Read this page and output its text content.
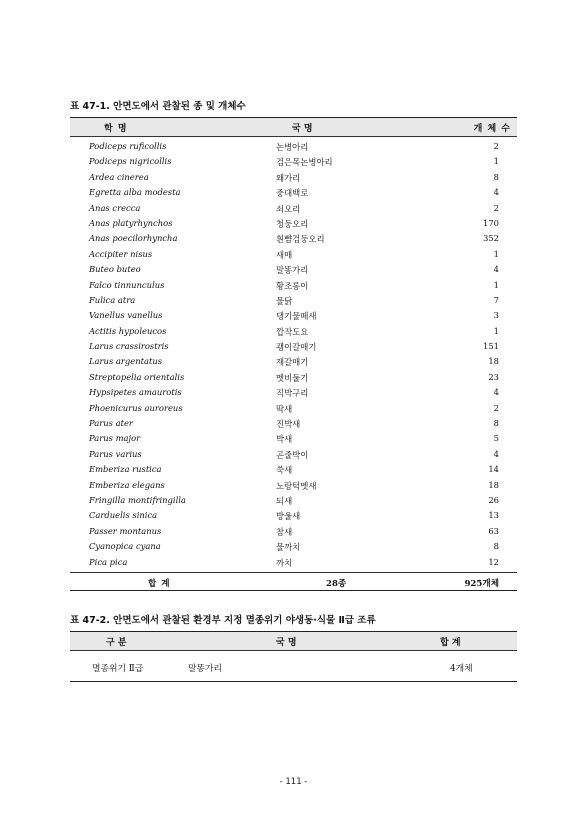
표 47-1. 안면도에서 관찰된 종 및 개체수
학 명	국 명	개 체 수
Podiceps ruficollis	논병아리	2
Podiceps nigricollis	검은목논병아리	1
Ardea cinerea	왜가리	8
Egretta alba modesta	중대백로	4
Anas crecca	쇠오리	2
Anas platyrhynchos	청둥오리	170
Anas poecilorhyncha	흰뺨검둥오리	352
Accipiter nisus	새매	1
Buteo buteo	말똥가리	4
Falco tinnunculus	황조롱이	1
Fulica atra	물닭	7
Vanellus vanellus	댕기물떼새	3
Actitis hypoleucos	깝작도요	1
Larus crassirostris	괭이갈매기	151
Larus argentatus	재갈매기	18
Streptopelia orientalis	멧비둘기	23
Hypsipetes amaurotis	직박구리	4
Phoenicurus auroreus	딱새	2
Parus ater	진박새	8
Parus major	박새	5
Parus varius	곤줄박이	4
Emberiza rustica	쑥새	14
Emberiza elegans	노랑턱멧새	18
Fringilla montifringilla	되새	26
Carduelis sinica	방울새	13
Passer montanus	참새	63
Cyanopica cyana	물까치	8
Pica pica	까치	12
합 계	28종	925개체
표 47-2. 안면도에서 관찰된 환경부 지정 멸종위기 야생동·식물 Ⅱ급 조류
구 분	국 명	합 계
멸종위기 Ⅱ급	말똥가리	4개체
- 111 -
